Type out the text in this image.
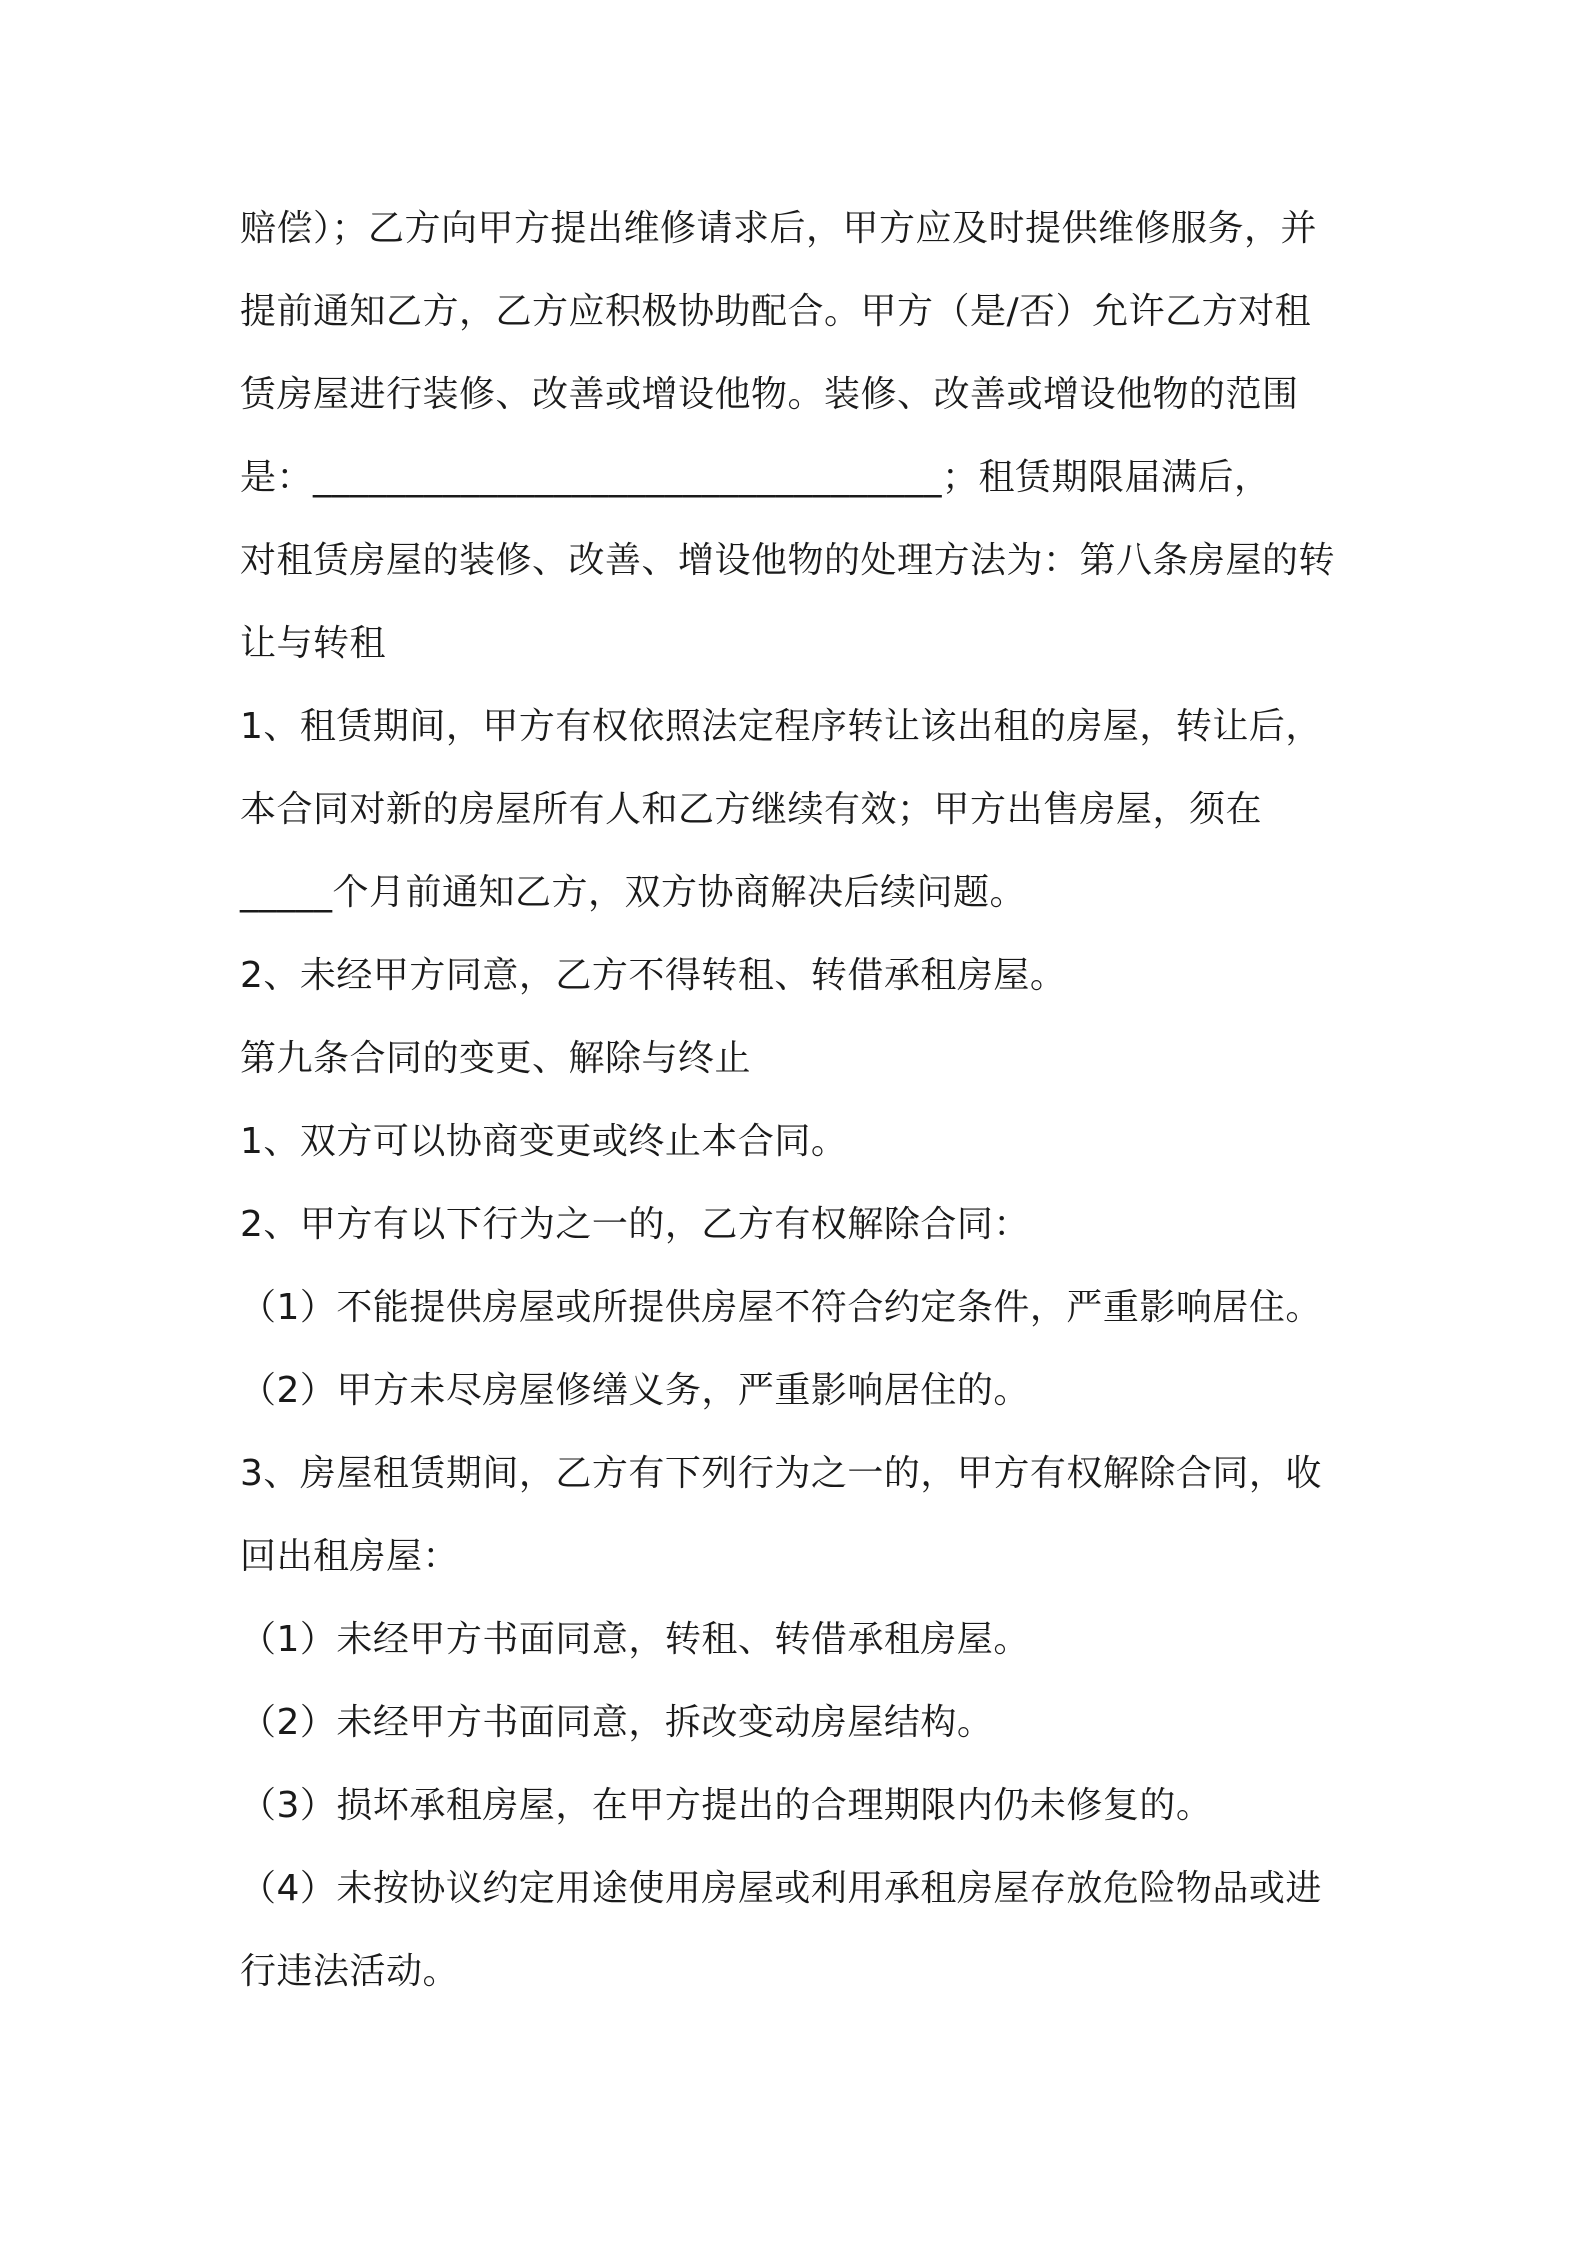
赔偿）；乙方向甲方提出维修请求后，甲方应及时提供维修服务，并
提前通知乙方，乙方应积极协助配合。甲方（是/否）允许乙方对租
赁房屋进行装修、改善或增设他物。装修、改善或增设他物的范围
是：__________________________________；租赁期限届满后，
对租赁房屋的装修、改善、增设他物的处理方法为：第八条房屋的转
让与转租
1、租赁期间，甲方有权依照法定程序转让该出租的房屋，转让后，
本合同对新的房屋所有人和乙方继续有效；甲方出售房屋，须在
_____个月前通知乙方，双方协商解决后续问题。
2、未经甲方同意，乙方不得转租、转借承租房屋。
第九条合同的变更、解除与终止
1、双方可以协商变更或终止本合同。
2、甲方有以下行为之一的，乙方有权解除合同：
（1）不能提供房屋或所提供房屋不符合约定条件，严重影响居住。
（2）甲方未尽房屋修缮义务，严重影响居住的。
3、房屋租赁期间，乙方有下列行为之一的，甲方有权解除合同，收
回出租房屋：
（1）未经甲方书面同意，转租、转借承租房屋。
（2）未经甲方书面同意，拆改变动房屋结构。
（3）损坏承租房屋，在甲方提出的合理期限内仍未修复的。
（4）未按协议约定用途使用房屋或利用承租房屋存放危险物品或进
行违法活动。
